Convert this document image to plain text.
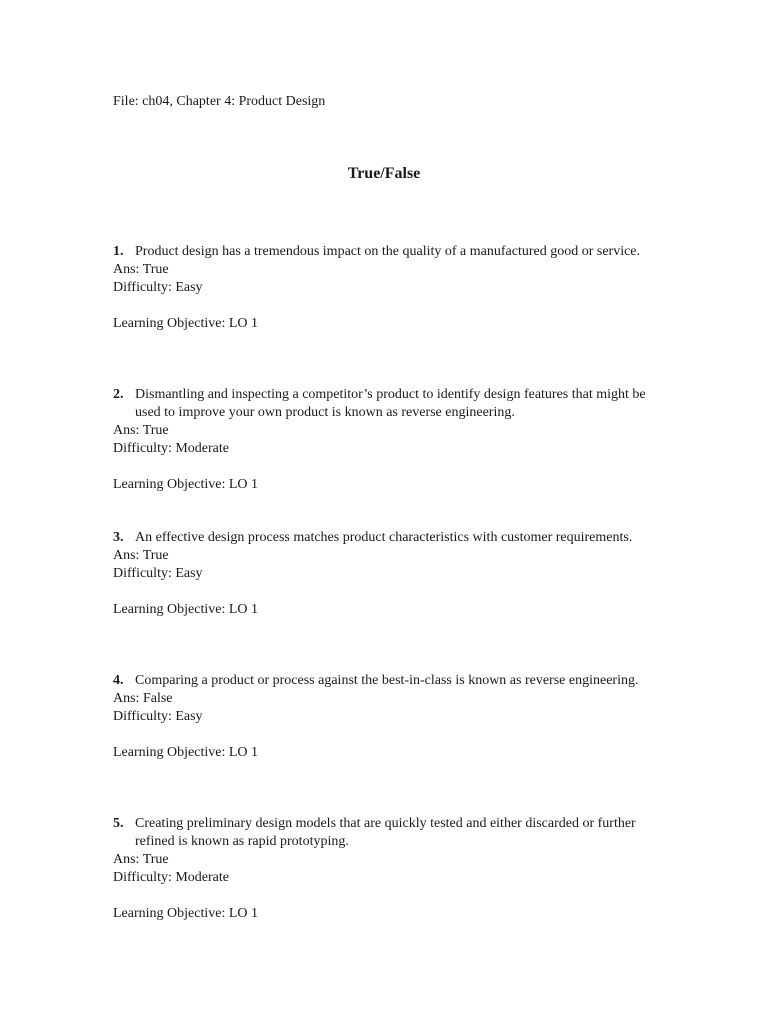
File: ch04, Chapter 4: Product Design
True/False
1. Product design has a tremendous impact on the quality of a manufactured good or service.
Ans: True
Difficulty: Easy
Learning Objective: LO 1
2. Dismantling and inspecting a competitor’s product to identify design features that might be used to improve your own product is known as reverse engineering.
Ans: True
Difficulty: Moderate
Learning Objective: LO 1
3. An effective design process matches product characteristics with customer requirements.
Ans: True
Difficulty: Easy
Learning Objective: LO 1
4. Comparing a product or process against the best-in-class is known as reverse engineering.
Ans: False
Difficulty: Easy
Learning Objective: LO 1
5. Creating preliminary design models that are quickly tested and either discarded or further refined is known as rapid prototyping.
Ans: True
Difficulty: Moderate
Learning Objective: LO 1
